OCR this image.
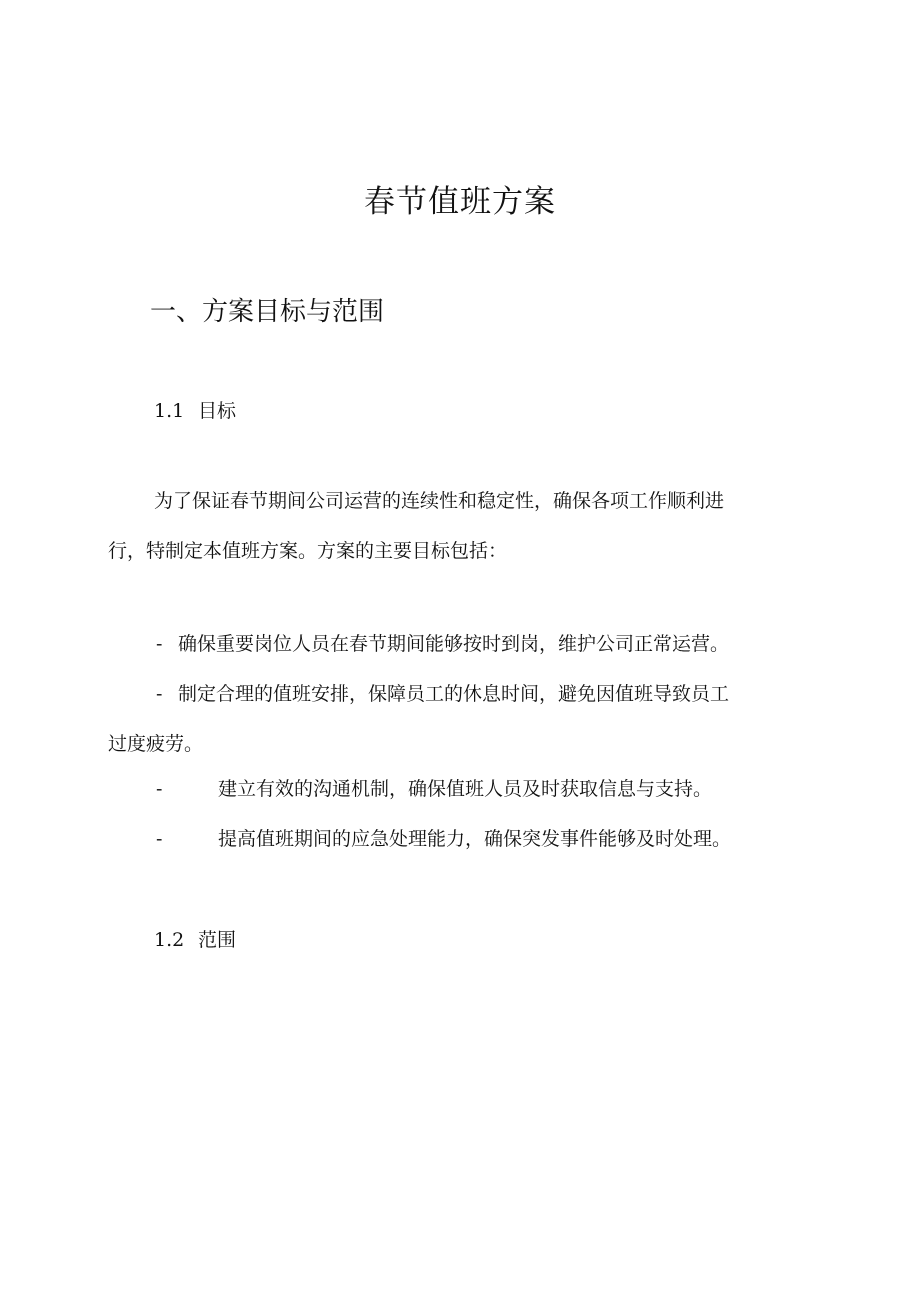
春节值班方案
一、方案目标与范围
1.1 目标
为了保证春节期间公司运营的连续性和稳定性，确保各项工作顺利进
行，特制定本值班方案。方案的主要目标包括：
- 确保重要岗位人员在春节期间能够按时到岗，维护公司正常运营。
- 制定合理的值班安排，保障员工的休息时间，避免因值班导致员工
过度疲劳。
-	建立有效的沟通机制，确保值班人员及时获取信息与支持。
-	提高值班期间的应急处理能力，确保突发事件能够及时处理。
1.2 范围
